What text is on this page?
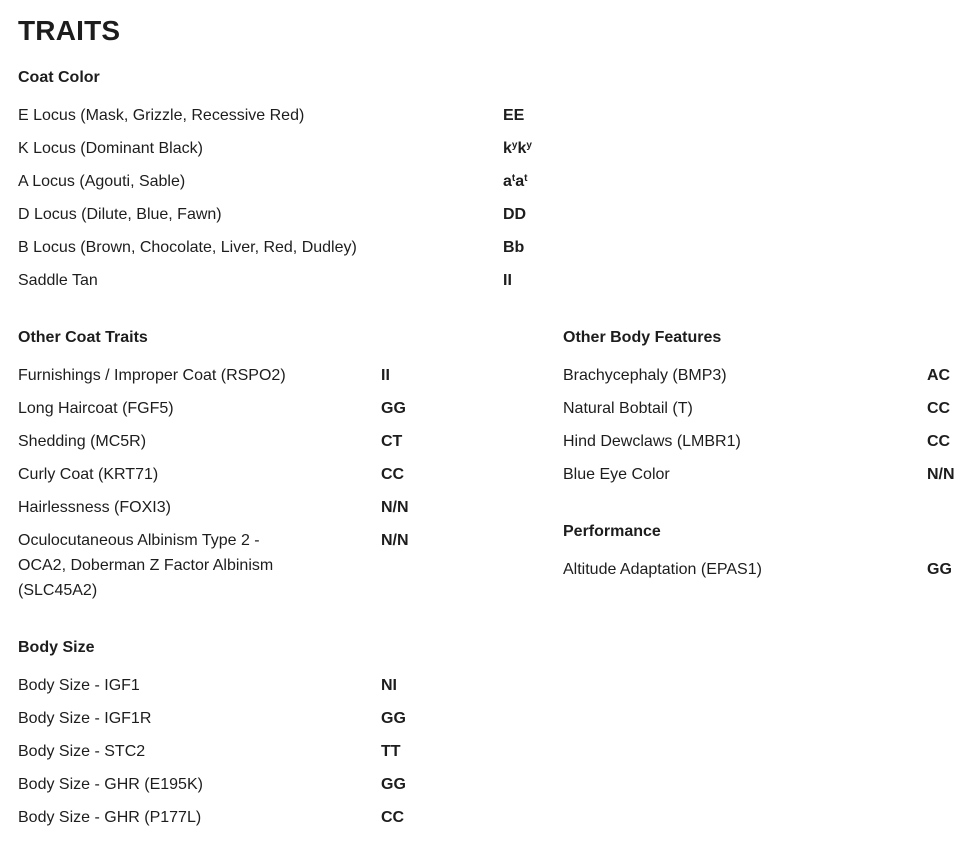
TRAITS
Coat Color
E Locus (Mask, Grizzle, Recessive Red)	EE
K Locus (Dominant Black)	$k^yk^y$
A Locus (Agouti, Sable)	$a^ta^t$
D Locus (Dilute, Blue, Fawn)	DD
B Locus (Brown, Chocolate, Liver, Red, Dudley)	Bb
Saddle Tan	II
Other Coat Traits
Furnishings / Improper Coat (RSPO2)	II
Long Haircoat (FGF5)	GG
Shedding (MC5R)	CT
Curly Coat (KRT71)	CC
Hairlessness (FOXI3)	N/N
Oculocutaneous Albinism Type 2 -
OCA2, Doberman Z Factor Albinism
(SLC45A2)
N/N
Body Size
Body Size - IGF1	NI
Body Size - IGF1R	GG
Body Size - STC2	TT
Body Size - GHR (E195K)	GG
Body Size - GHR (P177L)	CC
Other Body Features
Brachycephaly (BMP3)	AC
Natural Bobtail (T)	CC
Hind Dewclaws (LMBR1)	CC
Blue Eye Color	N/N
Performance
Altitude Adaptation (EPAS1)	GG
